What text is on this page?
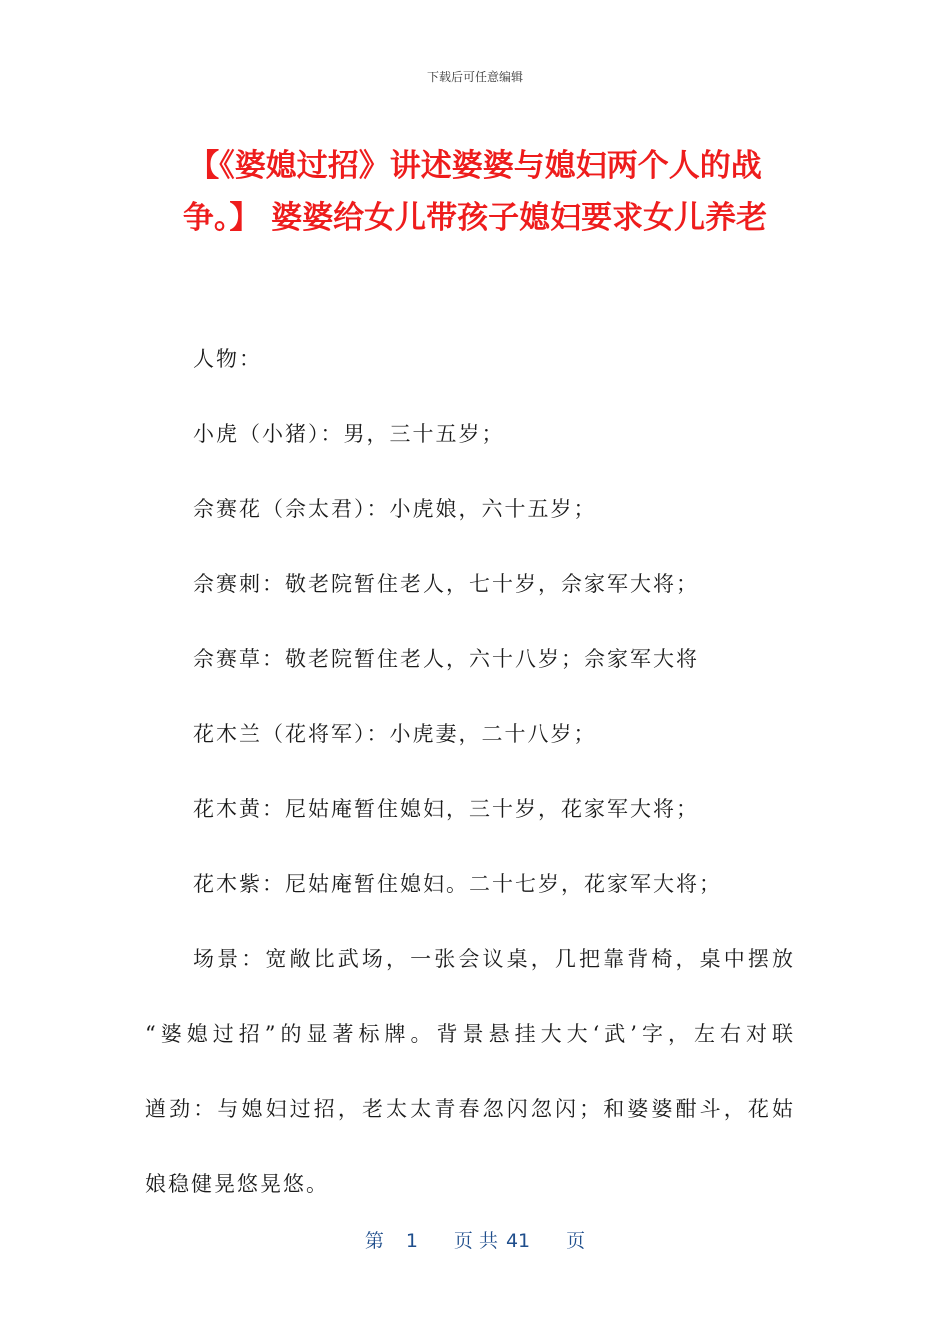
下载后可任意编辑
【《婆媳过招》讲述婆婆与媳妇两个人的战
争。】 婆婆给女儿带孩子媳妇要求女儿养老

人物：

小虎（小猪）：男，三十五岁；

佘赛花（佘太君）：小虎娘，六十五岁；

佘赛刺：敬老院暂住老人，七十岁，佘家军大将；

佘赛草：敬老院暂住老人，六十八岁；佘家军大将

花木兰（花将军）：小虎妻，二十八岁；

花木黄：尼姑庵暂住媳妇，三十岁，花家军大将；

花木紫：尼姑庵暂住媳妇。二十七岁，花家军大将；

场景：宽敞比武场，一张会议桌，几把靠背椅，桌中摆放

“婆媳过招”的显著标牌。背景悬挂大大‘武’字，左右对联

遒劲：与媳妇过招，老太太青春忽闪忽闪；和婆婆酣斗，花姑

娘稳健晃悠晃悠。

第 1 页 共 41 页
